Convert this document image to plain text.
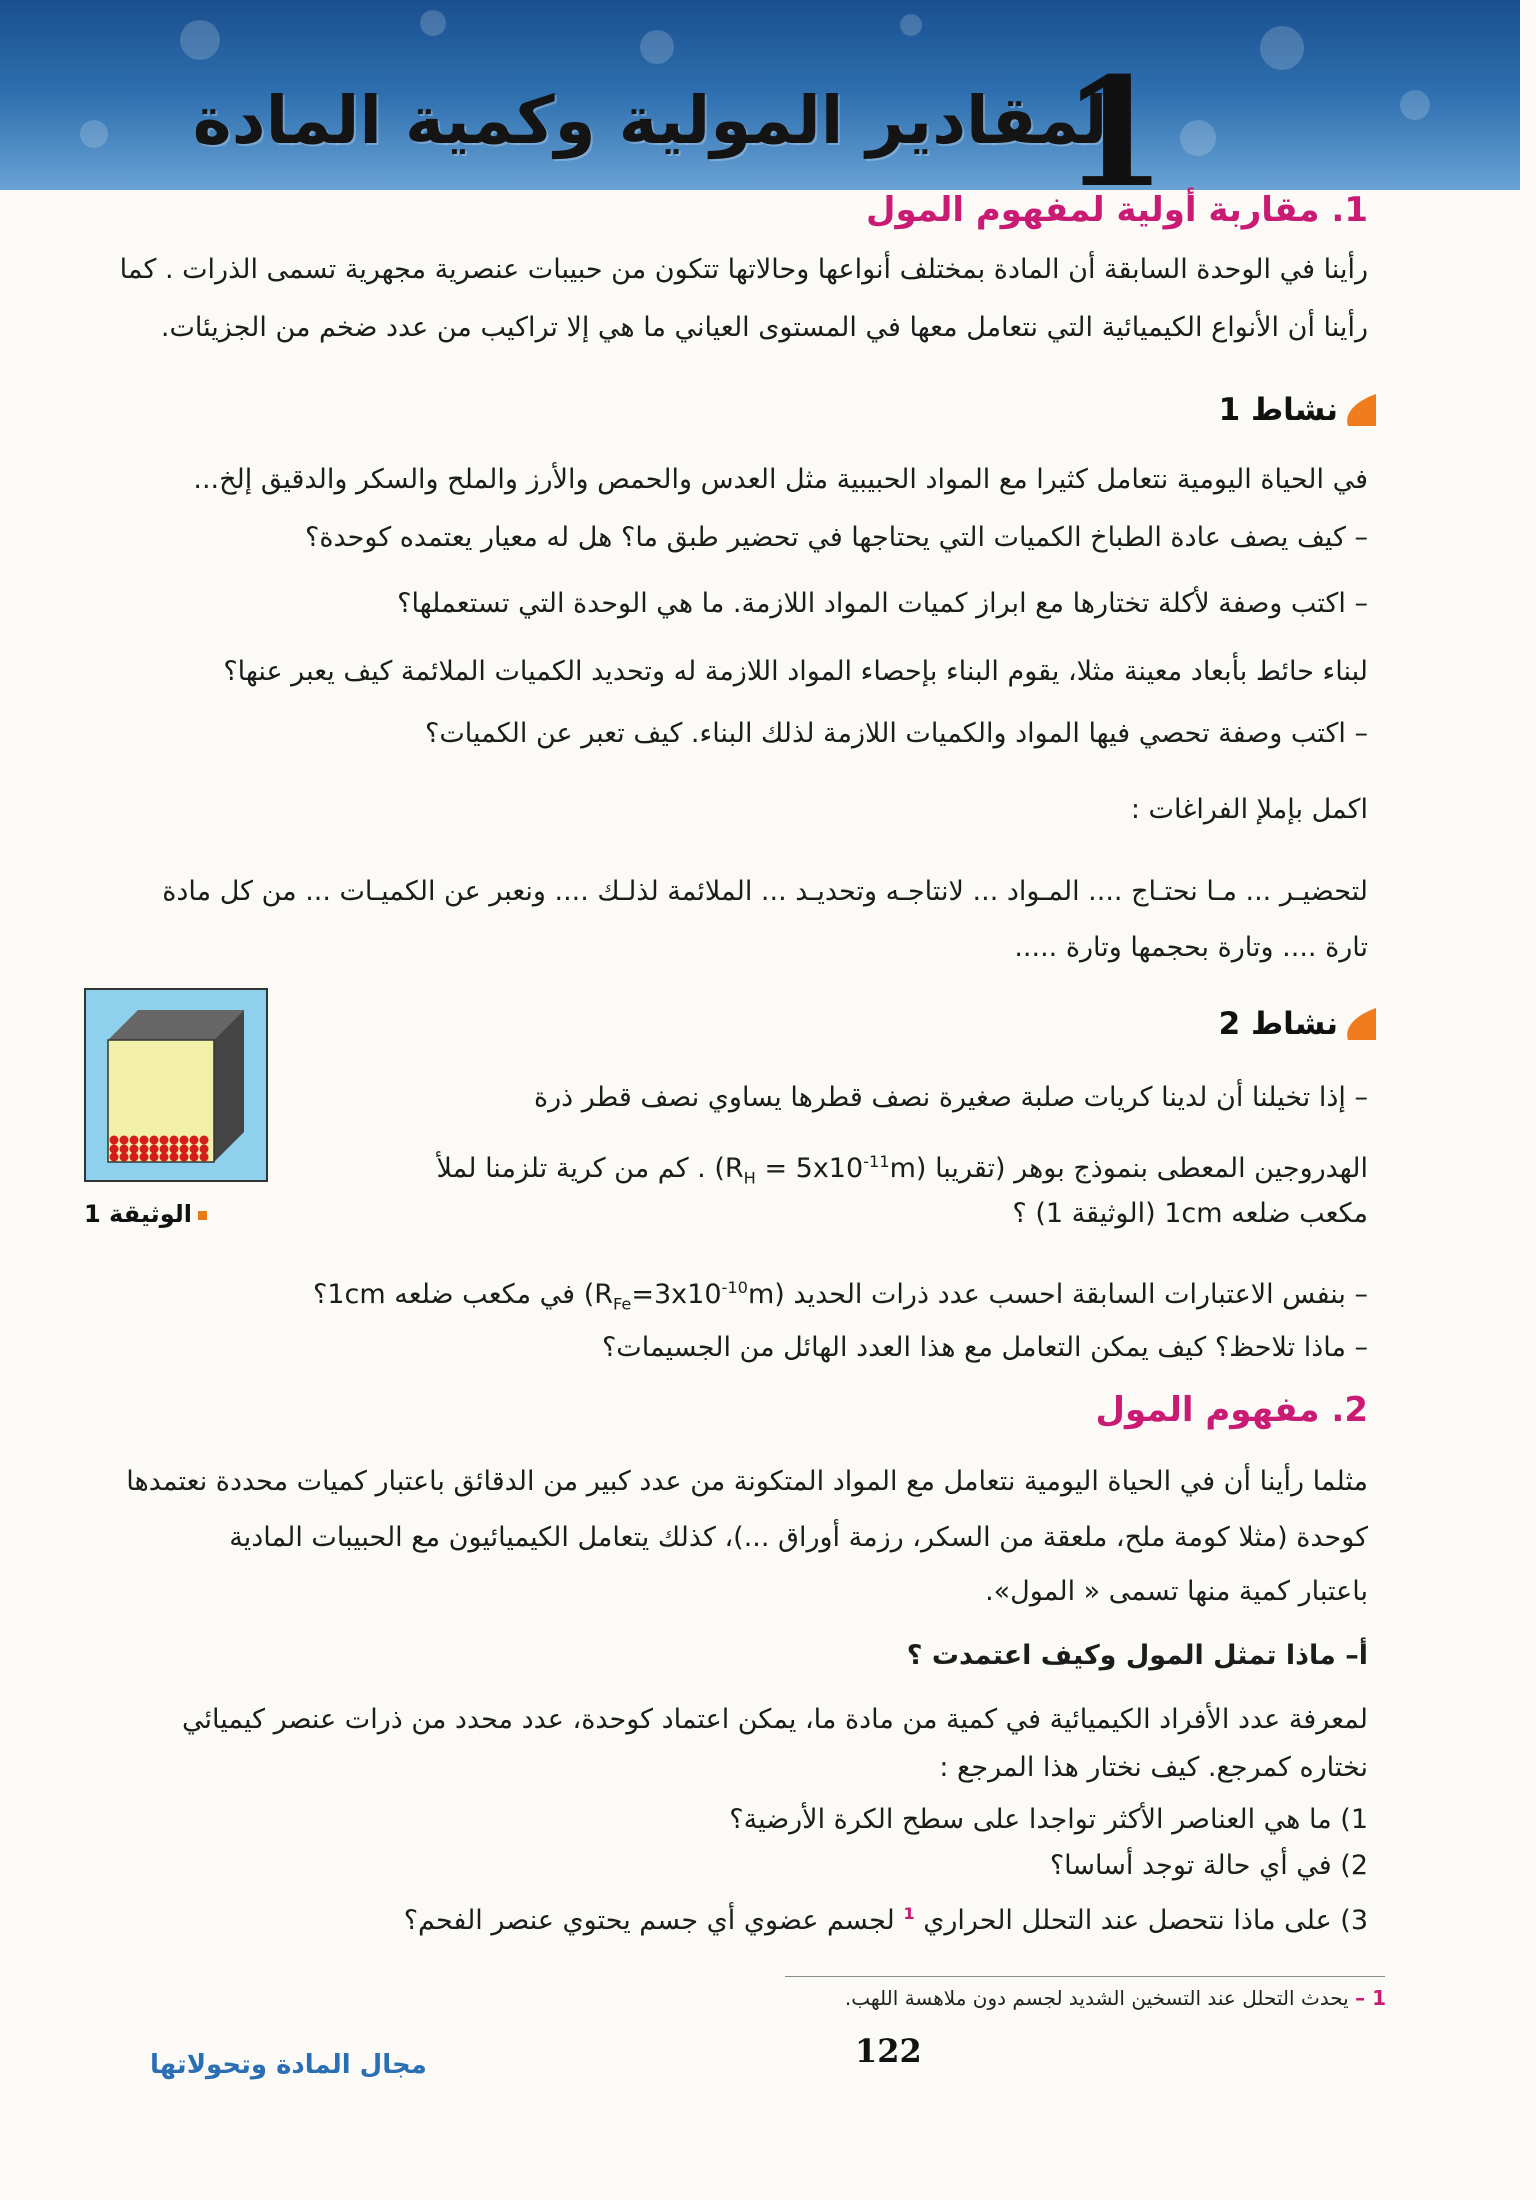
المقادير المولية وكمية المادة
1
1. مقاربة أولية لمفهوم المول
رأينا في الوحدة السابقة أن المادة بمختلف أنواعها وحالاتها تتكون من حبيبات عنصرية مجهرية تسمى الذرات . كما
رأينا أن الأنواع الكيميائية التي نتعامل معها في المستوى العياني ما هي إلا تراكيب من عدد ضخم من الجزيئات.
نشاط 1
في الحياة اليومية نتعامل كثيرا مع المواد الحبيبية مثل العدس والحمص والأرز والملح والسكر والدقيق إلخ...
– كيف يصف عادة الطباخ الكميات التي يحتاجها في تحضير طبق ما؟ هل له معيار يعتمده كوحدة؟
– اكتب وصفة لأكلة تختارها مع ابراز كميات المواد اللازمة. ما هي الوحدة التي تستعملها؟
لبناء حائط بأبعاد معينة مثلا، يقوم البناء بإحصاء المواد اللازمة له وتحديد الكميات الملائمة كيف يعبر عنها؟
– اكتب وصفة تحصي فيها المواد والكميات اللازمة لذلك البناء. كيف تعبر عن الكميات؟
اكمل بإملإ الفراغات :
لتحضيـر ... مـا نحتـاج .... المـواد ... لانتاجـه وتحديـد ... الملائمة لذلـك .... ونعبر عن الكميـات ... من كل مادة
تارة .... وتارة بحجمها وتارة .....
نشاط 2
– إذا تخيلنا أن لدينا كريات صلبة صغيرة نصف قطرها يساوي نصف قطر ذرة
الهدروجين المعطى بنموذج بوهر (تقريبا $(R_H = 5x10^{-11}m)$ . كم من كرية تلزمنا لملأ
مكعب ضلعه 1cm (الوثيقة 1) ؟
– بنفس الاعتبارات السابقة احسب عدد ذرات الحديد $(R_{Fe}=3x10^{-10}m)$ في مكعب ضلعه 1cm؟
– ماذا تلاحظ؟ كيف يمكن التعامل مع هذا العدد الهائل من الجسيمات؟
الوثيقة 1
2. مفهوم المول
مثلما رأينا أن في الحياة اليومية نتعامل مع المواد المتكونة من عدد كبير من الدقائق باعتبار كميات محددة نعتمدها
كوحدة (مثلا كومة ملح، ملعقة من السكر، رزمة أوراق ...)، كذلك يتعامل الكيميائيون مع الحبيبات المادية
باعتبار كمية منها تسمى « المول».
أ– ماذا تمثل المول وكيف اعتمدت ؟
لمعرفة عدد الأفراد الكيميائية في كمية من مادة ما، يمكن اعتماد كوحدة، عدد محدد من ذرات عنصر كيميائي
نختاره كمرجع. كيف نختار هذا المرجع :
1) ما هي العناصر الأكثر تواجدا على سطح الكرة الأرضية؟
2) في أي حالة توجد أساسا؟
3) على ماذا نتحصل عند التحلل الحراري $^1$ لجسم عضوي أي جسم يحتوي عنصر الفحم؟
1 – يحدث التحلل عند التسخين الشديد لجسم دون ملاهسة اللهب.
122
مجال المادة وتحولاتها
